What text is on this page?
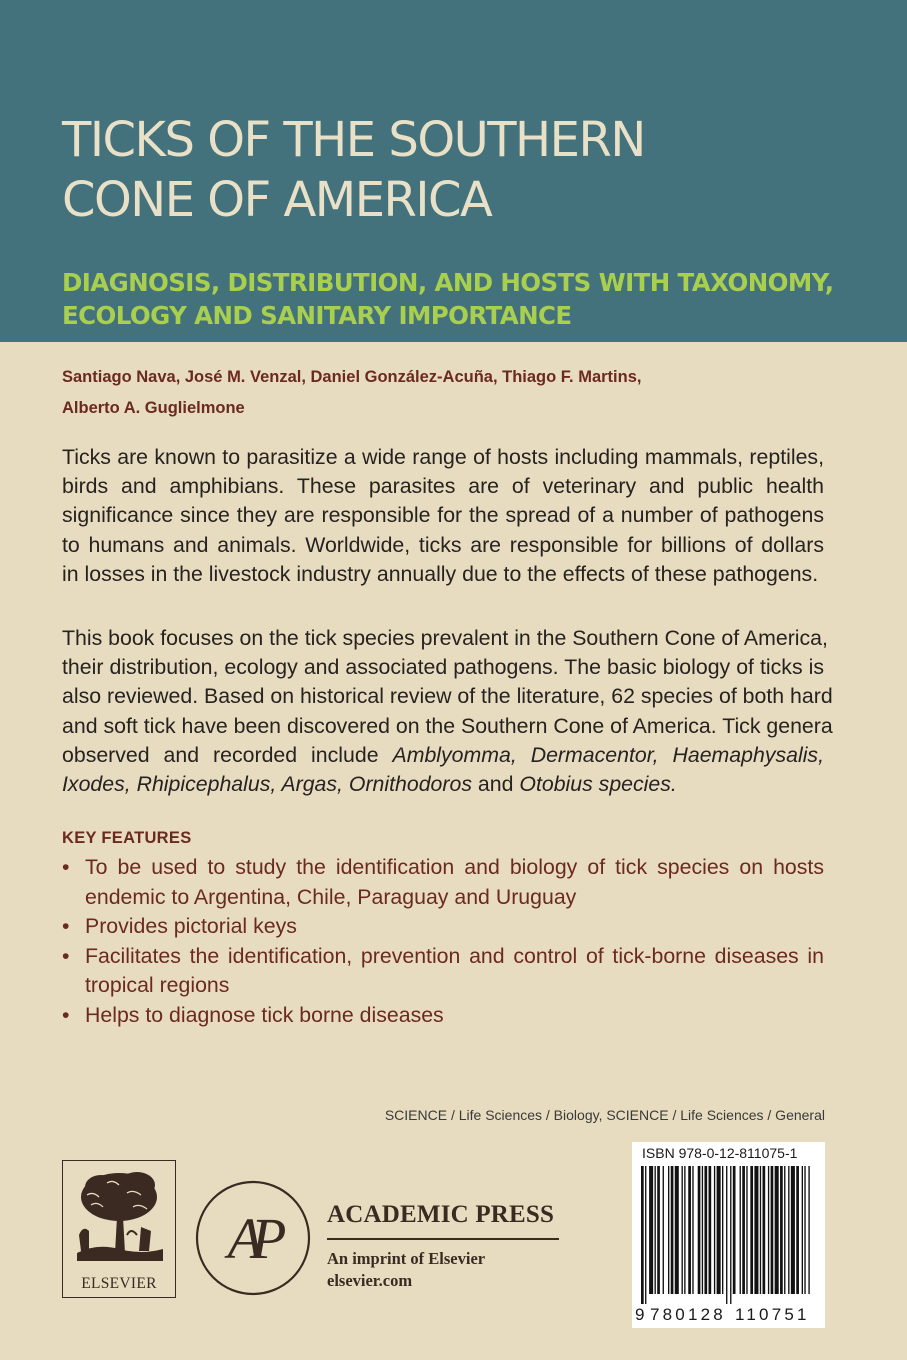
TICKS OF THE SOUTHERN
CONE OF AMERICA
DIAGNOSIS, DISTRIBUTION, AND HOSTS WITH TAXONOMY,
ECOLOGY AND SANITARY IMPORTANCE
Santiago Nava, José M. Venzal, Daniel González-Acuña, Thiago F. Martins,
Alberto A. Guglielmone

Ticks are known to parasitize a wide range of hosts including mammals, reptiles,
birds and amphibians. These parasites are of veterinary and public health
significance since they are responsible for the spread of a number of pathogens
to humans and animals. Worldwide, ticks are responsible for billions of dollars
in losses in the livestock industry annually due to the effects of these pathogens.

This book focuses on the tick species prevalent in the Southern Cone of America,
their distribution, ecology and associated pathogens. The basic biology of ticks is
also reviewed. Based on historical review of the literature, 62 species of both hard
and soft tick have been discovered on the Southern Cone of America. Tick genera
observed and recorded include Amblyomma, Dermacentor, Haemaphysalis,
Ixodes, Rhipicephalus, Argas, Ornithodoros and Otobius species.

KEY FEATURES
• To be used to study the identification and biology of tick species on hosts
endemic to Argentina, Chile, Paraguay and Uruguay
• Provides pictorial keys
• Facilitates the identification, prevention and control of tick-borne diseases in
tropical regions
• Helps to diagnose tick borne diseases
SCIENCE / Life Sciences / Biology, SCIENCE / Life Sciences / General
ISBN 978-0-12-811075-1
9 780128 110751
ELSEVIER
AP	ACADEMIC PRESS
An imprint of Elsevier
elsevier.com
